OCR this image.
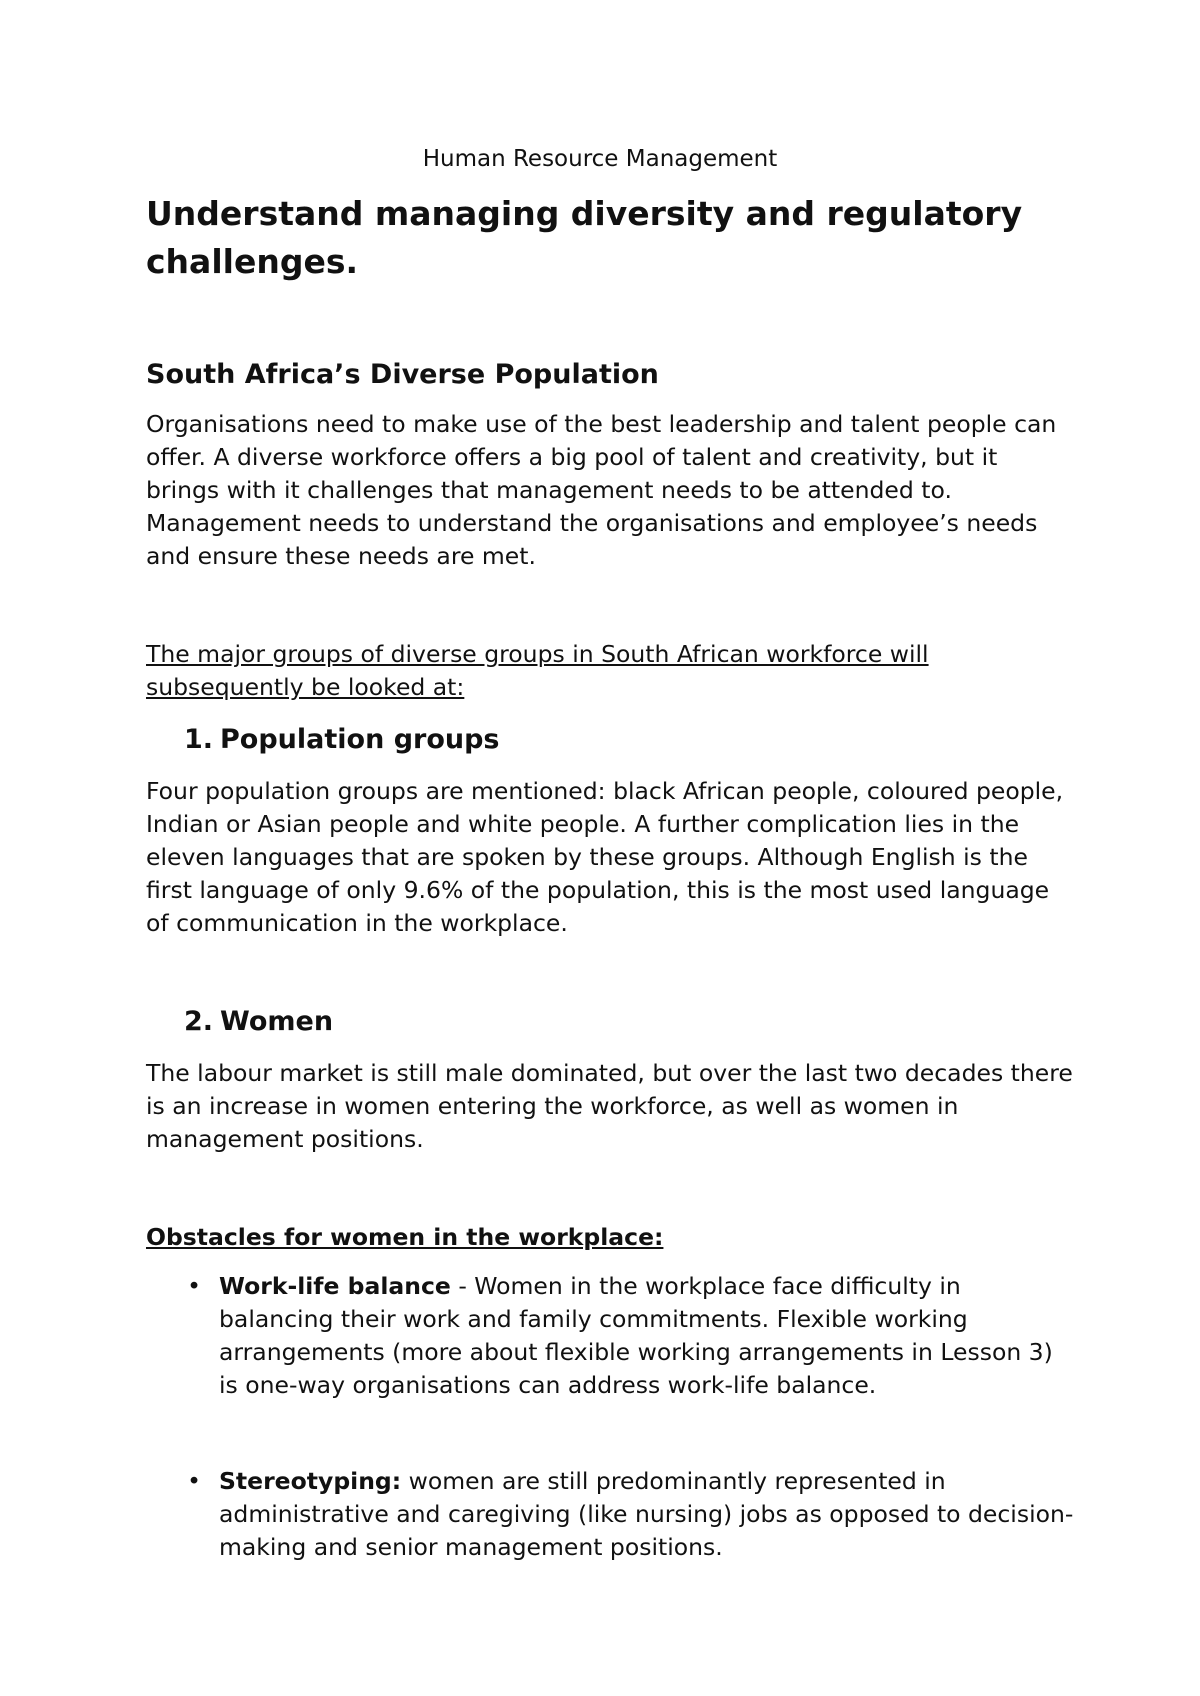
Human Resource Management
Understand managing diversity and regulatory challenges.
South Africa’s Diverse Population

Organisations need to make use of the best leadership and talent people can offer. A diverse workforce offers a big pool of talent and creativity, but it brings with it challenges that management needs to be attended to. Management needs to understand the organisations and employee’s needs and ensure these needs are met.

The major groups of diverse groups in South African workforce will subsequently be looked at:

1. Population groups

Four population groups are mentioned: black African people, coloured people, Indian or Asian people and white people. A further complication lies in the eleven languages that are spoken by these groups. Although English is the first language of only 9.6% of the population, this is the most used language of communication in the workplace.

2. Women

The labour market is still male dominated, but over the last two decades there is an increase in women entering the workforce, as well as women in management positions.

Obstacles for women in the workplace:
• Work-life balance - Women in the workplace face difficulty in balancing their work and family commitments. Flexible working arrangements (more about flexible working arrangements in Lesson 3) is one-way organisations can address work-life balance.
• Stereotyping: women are still predominantly represented in administrative and caregiving (like nursing) jobs as opposed to decision-making and senior management positions.
